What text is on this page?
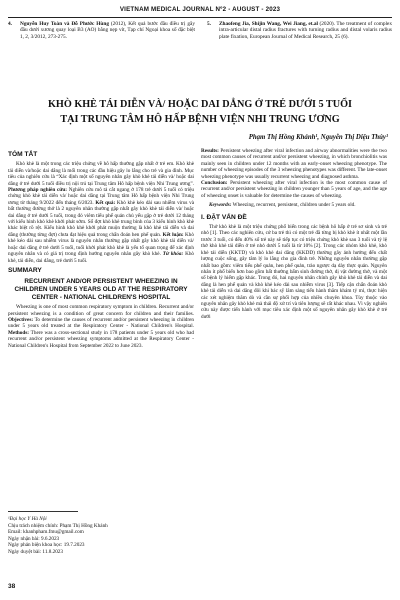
VIETNAM MEDICAL JOURNAL Nº2 - AUGUST - 2023
4.	Nguyễn Huy Toàn và Đỗ Phước Hùng (2012), Kết quả bước đầu điều trị gãy đầu dưới xương quay loại B3 (AO) bằng nẹp vít, Tạp chí Ngoại khoa số đặc biệt 1, 2, 3/2012, 273-275.
5.	Zhaofeng Jia, Shijin Wang, Wei Jiang, et.al (2020). The treatment of complex intra-articular distal radius fractures with turning radius and distal volaris radius plate fixation, European Journal of Medical Research, 25 (6).
KHÒ KHÈ TÁI DIỄN VÀ/ HOẶC DAI DẲNG Ở TRẺ DƯỚI 5 TUỔI
TẠI TRUNG TÂM HÔ HẤP BỆNH VIỆN NHI TRUNG ƯƠNG
Phạm Thị Hồng Khánh¹, Nguyễn Thị Diệu Thúy¹
TÓM TẮT

Khò khè là một trong các triệu chứng về hô hấp thường gặp nhất ở trẻ em. Khò khè tái diễn và/hoặc dai dẳng là mối trong các đầu hiệu gây lo lắng cho trẻ và gia đình. Mục tiêu của nghiên cứu là “Xác định một số nguyên nhân gây khò khè tái diễn và/ hoặc dai dẳng ở trẻ dưới 5 tuổi điều trị nội trú tại Trung tâm Hô hấp bệnh viện Nhi Trung ương”. Phương pháp nghiên cứu: Nghiên cứu mô tả cắt ngang ở 178 trẻ dưới 5 tuổi có triệu chứng khò khè tái diễn và/ hoặc dai dẳng tại Trung tâm Hô hấp bệnh viện Nhi Trung ương từ tháng 9/2022 đến tháng 6/2023. Kết quả: Khò khè kéo dài sau nhiễm virus và bất thường đường thở là 2 nguyên nhân thường gặp nhất gây khò khè tái diễn và/ hoặc dai dẳng ở trẻ dưới 5 tuổi, trong đó viêm tiểu phế quản chủ yếu gặp ở trẻ dưới 12 tháng với kiểu hình khò khè khởi phát sớm. Số đợt khò khè trung bình của 3 kiểu hình khò khè khác biệt rõ rệt. Kiểu hình khò khè khởi phát muộn thường là khò khè tái diễn và dai dẳng (thường từng đợt) chưa đạt hiệu quả trong chẩn đoán hen phế quản. Kết luận: Khò khè kéo dài sau nhiễm virus là nguyên nhân thường gặp nhất gây khò khè tái diễn và/ hoặc dai dẳng ở trẻ dưới 5 tuổi, tuổi khởi phát khò khè là yếu tố quan trọng để xác định nguyên nhân và có giá trị trong định hướng nguyên nhân gây khò khè. Từ khóa: Khò khè, tái diễn, dai dẳng, trẻ dưới 5 tuổi.

SUMMARY
RECURRENT AND/OR PERSISTENT WHEEZING IN CHILDREN UNDER 5 YEARS OLD AT THE RESPIRATORY CENTER - NATIONAL CHILDREN'S HOSPITAL

Wheezing is one of most common respiratory symptom in children. Recurrent and/or persistent wheezing is a condition of great concern for children and their families. Objectives: To determine the causes of recurrent and/or persistent wheezing in children under 5 years old treated at the Respiratory Center - National Children's Hospital. Methods: There was a cross-sectional study in 178 patients under 5 years old who had recurrent and/or persistent wheezing symptoms admitted at the Respiratory Center - National Children's Hospital from September 2022 to June 2023.

Results: Persistent wheezing after viral infection and airway abnormalities were the two most common causes of recurrent and/or persistent wheezing, in which bronchiolitis was mainly seen in children under 12 months with an early-onset wheezing phenotype. The number of wheezing episodes of the 3 wheezing phenotypes was different. The late-onset wheezing phenotype was usually recurrent wheezing and diagnosed asthma.
Conclusion: Persistent wheezing after viral infection is the most common cause of recurrent and/or persistent wheezing in children younger than 5 years of age, and the age of wheezing onset is valuable for determine the causes of wheezing.

Keywords: Wheezing, recurrent, persistent, children under 5 years old.

I. ĐẶT VẤN ĐỀ

Thở khò khè là một triệu chứng phổ biến trong các bệnh hô hấp ở trẻ sơ sinh và trẻ nhỏ [1]. Theo các nghiên cứu, cứ ba trẻ thì có một trẻ đã từng bị khò khè ít nhất một lần trước 3 tuổi, có đến 40% số trẻ này sẽ tiếp tục có triệu chứng khò khè sau 3 tuổi và tỷ lệ thở khò khè tái diễn ở trẻ nhỏ dưới 5 tuổi là từ 10% [2]. Trong các nhóm khò khè, khò khè tái diễn (KKTD) và khò khè dai dẳng (KKDD) thường gây ảnh hưởng đến chất lượng cuộc sống, gây tâm lý lo lắng cho gia đình trẻ. Những nguyên nhân thường gặp nhất bao gồm: viêm tiểu phế quản, hen phế quản, trào ngược dạ dày thực quản. Nguyên nhân ít phổ biến hơn bao gồm bất thường bẩm sinh đường thở, dị vật đường thở, và một số bệnh lý hiếm gặp khác. Trong đó, hai nguyên nhân chính gây khò khè tái diễn và dai dẳng là hen phế quản và khò khè kéo dài sau nhiễm virus [3]. Tiếp cận chẩn đoán khò khè tái diễn và dai dẳng đôi khi bác sỹ lâm sàng tiến hành thăm khám tỷ mỉ, thực hiện các xét nghiệm thăm dò và cần sự phối hợp của nhiều chuyên khoa. Tùy thuộc vào nguyên nhân gây khò khè mà thái độ xử trí và tiên lượng sẽ rất khác nhau. Vì vậy nghiên cứu này được tiến hành với mục tiêu xác định một số nguyên nhân gây khò khè ở trẻ dưới

¹Đại học Y Hà Nội
Chịu trách nhiệm chính: Phạm Thị Hồng Khánh
Email: khanhpham.fmu@gmail.com
Ngày nhận bài: 9.6.2023
Ngày phản biện khoa học: 19.7.2023
Ngày duyệt bài: 11.8.2023
38
